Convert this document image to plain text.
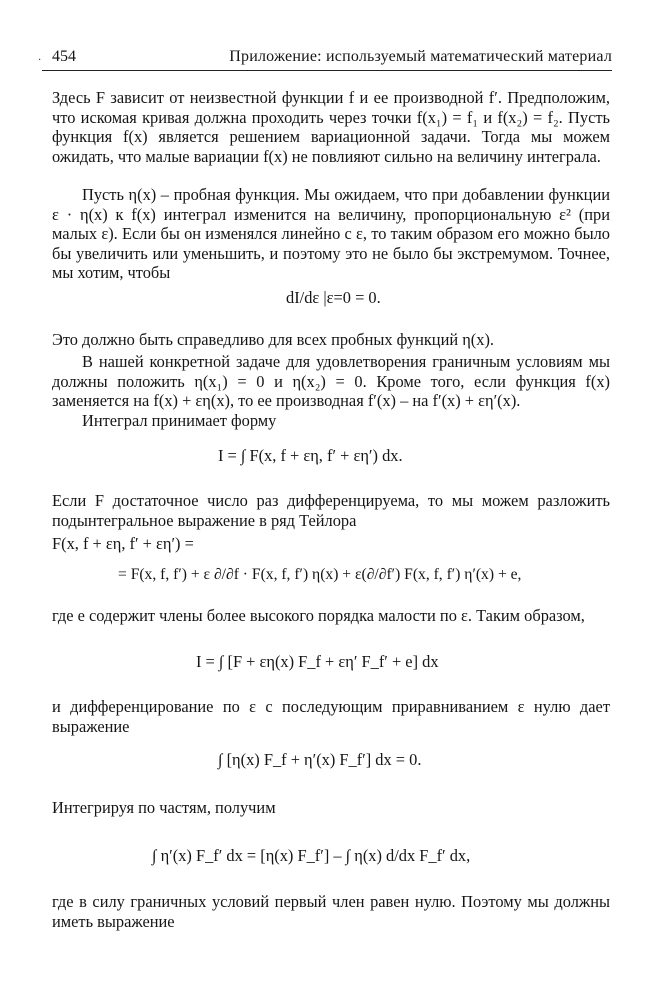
· 454	Приложение: используемый математический материал

Здесь F зависит от неизвестной функции f и ее производной f′. Предположим, что искомая кривая должна проходить через точки f(x₁) = f₁ и f(x₂) = f₂. Пусть функция f(x) является решением вариационной задачи. Тогда мы можем ожидать, что малые вариации f(x) не повлияют сильно на величину интеграла.

Пусть η(x) – пробная функция. Мы ожидаем, что при добавлении функции ε · η(x) к f(x) интеграл изменится на величину, пропорциональную ε² (при малых ε). Если бы он изменялся линейно с ε, то таким образом его можно было бы увеличить или уменьшить, и поэтому это не было бы экстремумом. Точнее, мы хотим, чтобы

dI/dε |ε=0 = 0.

Это должно быть справедливо для всех пробных функций η(x).

В нашей конкретной задаче для удовлетворения граничным условиям мы должны положить η(x₁) = 0 и η(x₂) = 0. Кроме того, если функция f(x) заменяется на f(x) + εη(x), то ее производная f′(x) – на f′(x) + εη′(x).

Интеграл принимает форму

I = ∫ F(x, f + εη, f′ + εη′) dx.

Если F достаточное число раз дифференцируема, то мы можем разложить подынтегральное выражение в ряд Тейлора

F(x, f + εη, f′ + εη′) =
= F(x, f, f′) + ε ∂/∂f · F(x, f, f′) η(x) + ε(∂/∂f′) F(x, f, f′) η′(x) + e,

где e содержит члены более высокого порядка малости по ε. Таким образом,

I = ∫ [F + εη(x) F_f + εη′ F_f′ + e] dx

и дифференцирование по ε с последующим приравниванием ε нулю дает выражение

∫ [η(x) F_f + η′(x) F_f′] dx = 0.

Интегрируя по частям, получим

∫ η′(x) F_f′ dx = [η(x) F_f′] – ∫ η(x) d/dx F_f′ dx,

где в силу граничных условий первый член равен нулю. Поэтому мы должны иметь выражение
